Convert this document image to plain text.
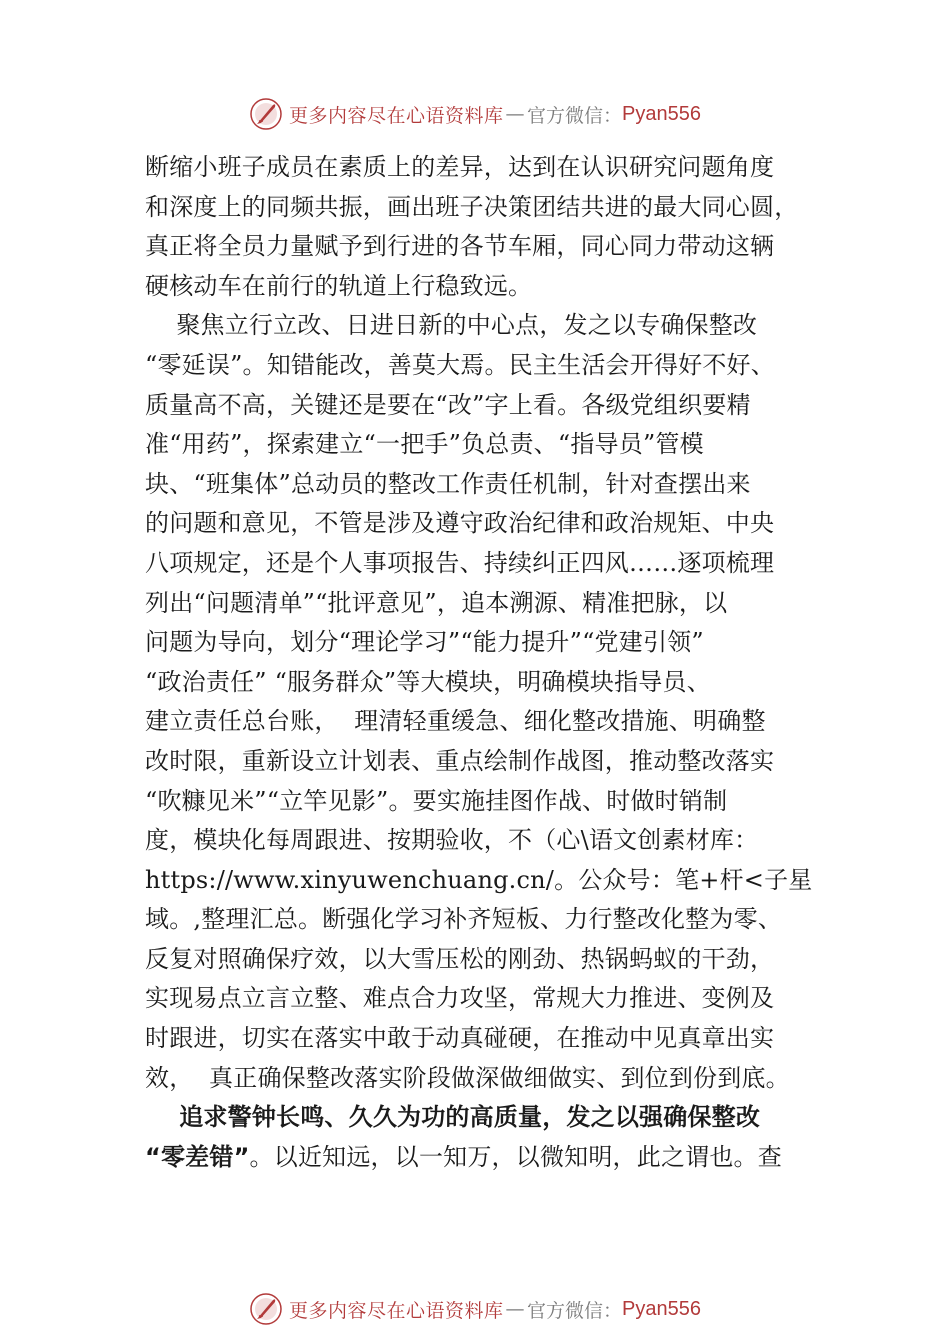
更多内容尽在心语资料库 — 官方微信： Pyan556
断缩小班子成员在素质上的差异，达到在认识研究问题角度
和深度上的同频共振，画出班子决策团结共进的最大同心圆，
真正将全员力量赋予到行进的各节车厢，同心同力带动这辆
硬核动车在前行的轨道上行稳致远。
聚焦立行立改、日进日新的中心点，发之以专确保整改
“零延误”。知错能改，善莫大焉。民主生活会开得好不好、
质量高不高，关键还是要在“改”字上看。各级党组织要精
准“用药”，探索建立“一把手”负总责、“指导员”管模
块、“班集体”总动员的整改工作责任机制，针对查摆出来
的问题和意见，不管是涉及遵守政治纪律和政治规矩、中央
八项规定，还是个人事项报告、持续纠正四风……逐项梳理
列出“问题清单”“批评意见”，追本溯源、精准把脉，以
问题为导向，划分“理论学习”“能力提升”“党建引领”
“政治责任” “服务群众”等大模块，明确模块指导员、
建立责任总台账，  理清轻重缓急、细化整改措施、明确整
改时限，重新设立计划表、重点绘制作战图，推动整改落实
“吹糠见米”“立竿见影”。要实施挂图作战、时做时销制
度，模块化每周跟进、按期验收，不（心\语文创素材库：
https://www.xinyuwenchuang.cn/。公众号：笔+杆<子星
域。,整理汇总。断强化学习补齐短板、力行整改化整为零、
反复对照确保疗效，以大雪压松的刚劲、热锅蚂蚁的干劲，
实现易点立言立整、难点合力攻坚，常规大力推进、变例及
时跟进，切实在落实中敢于动真碰硬，在推动中见真章出实
效，  真正确保整改落实阶段做深做细做实、到位到份到底。
追求警钟长鸣、久久为功的高质量，发之以强确保整改
“零差错”。以近知远，以一知万，以微知明，此之谓也。查
更多内容尽在心语资料库 — 官方微信： Pyan556
